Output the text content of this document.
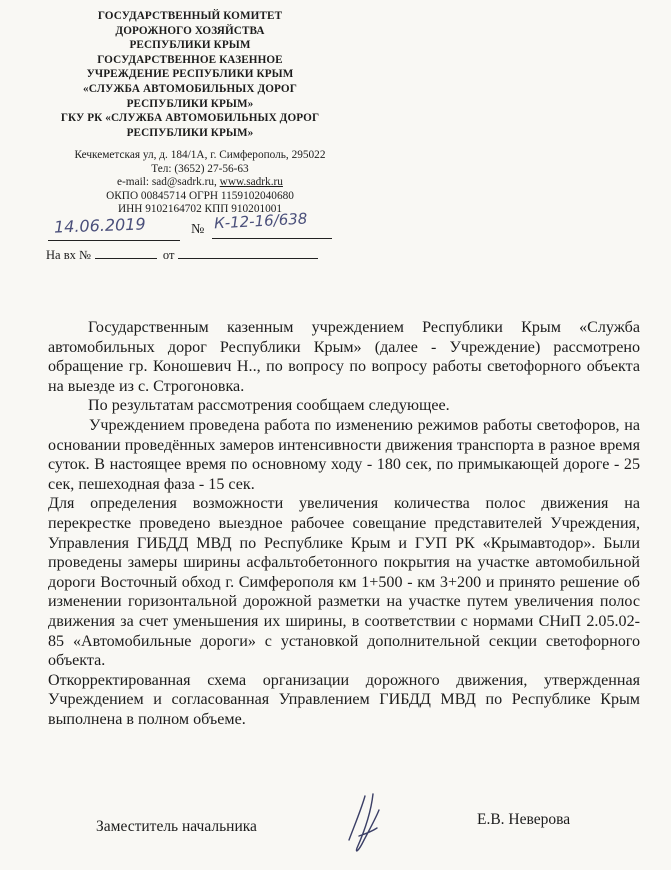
ГОСУДАРСТВЕННЫЙ КОМИТЕТ
ДОРОЖНОГО ХОЗЯЙСТВА
РЕСПУБЛИКИ КРЫМ
ГОСУДАРСТВЕННОЕ КАЗЕННОЕ
УЧРЕЖДЕНИЕ РЕСПУБЛИКИ КРЫМ
«СЛУЖБА АВТОМОБИЛЬНЫХ ДОРОГ
РЕСПУБЛИКИ КРЫМ»
ГКУ РК «СЛУЖБА АВТОМОБИЛЬНЫХ ДОРОГ
РЕСПУБЛИКИ КРЫМ»
Кечкеметская ул, д. 184/1А, г. Симферополь, 295022
Тел: (3652) 27-56-63
e-mail: sad@sadrk.ru, www.sadrk.ru
ОКПО 00845714 ОГРН 1159102040680
ИНН 9102164702 КПП 910201001
14.06.2019	№ К-12-16/638
На вх №	от

Государственным казенным учреждением Республики Крым «Служба автомобильных дорог Республики Крым» (далее - Учреждение) рассмотрено обращение гр. Коношевич Н.., по вопросу по вопросу работы светофорного объекта на выезде из с. Строгоновка.

По результатам рассмотрения сообщаем следующее.

Учреждением проведена работа по изменению режимов работы светофоров, на основании проведённых замеров интенсивности движения транспорта в разное время суток. В настоящее время по основному ходу - 180 сек, по примыкающей дороге - 25 сек, пешеходная фаза - 15 сек.

Для определения возможности увеличения количества полос движения на перекрестке проведено выездное рабочее совещание представителей Учреждения, Управления ГИБДД МВД по Республике Крым и ГУП РК «Крымавтодор». Были проведены замеры ширины асфальтобетонного покрытия на участке автомобильной дороги Восточный обход г. Симферополя км 1+500 - км 3+200 и принято решение об изменении горизонтальной дорожной разметки на участке путем увеличения полос движения за счет уменьшения их ширины, в соответствии с нормами СНиП 2.05.02-85 «Автомобильные дороги» с установкой дополнительной секции светофорного объекта.

Откорректированная схема организации дорожного движения, утвержденная Учреждением и согласованная Управлением ГИБДД МВД по Республике Крым выполнена в полном объеме.

Заместитель начальника	Е.В. Неверова
